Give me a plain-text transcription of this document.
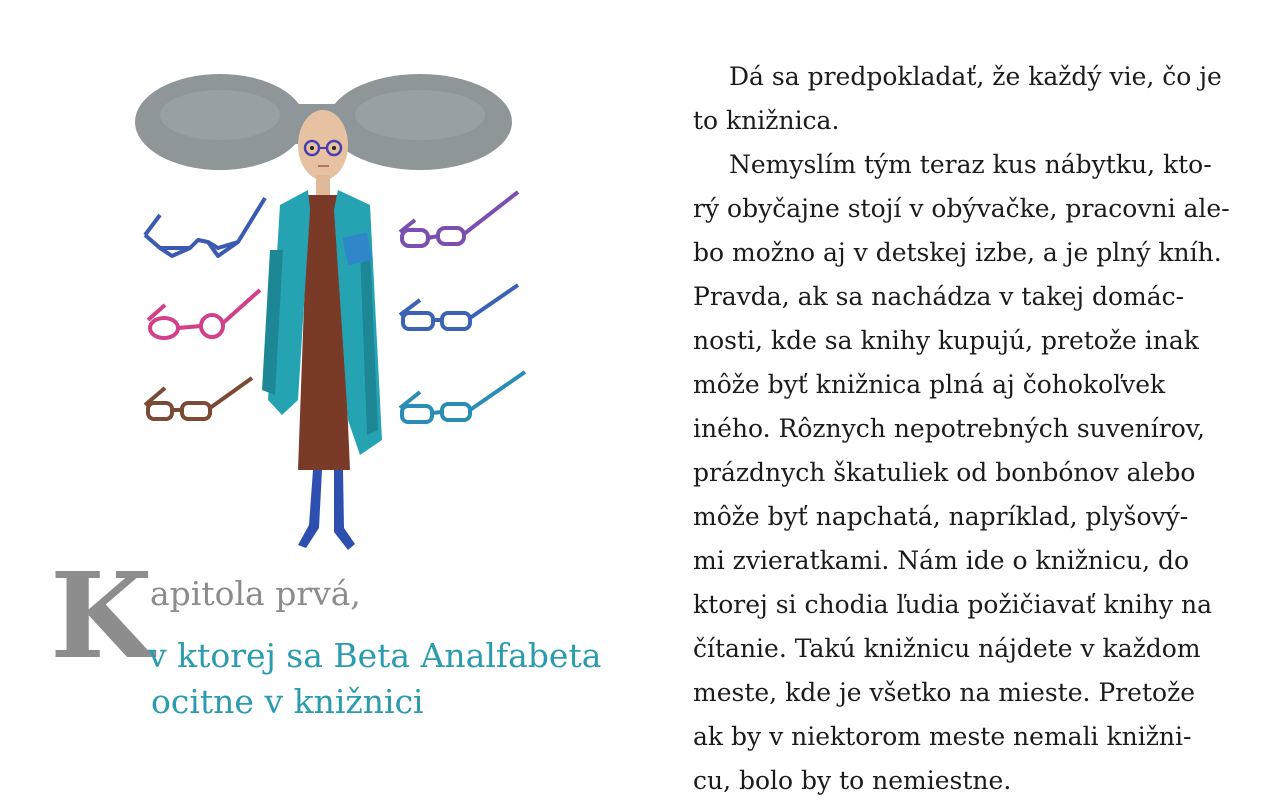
K
apitola prvá,
v ktorej sa Beta Analfabeta
ocitne v knižnici
Dá sa predpokladať, že každý vie, čo je
to knižnica.
Nemyslím tým teraz kus nábytku, kto-
rý obyčajne stojí v obývačke, pracovni ale-
bo možno aj v detskej izbe, a je plný kníh.
Pravda, ak sa nachádza v takej domác-
nosti, kde sa knihy kupujú, pretože inak
môže byť knižnica plná aj čohokoľvek
iného. Rôznych nepotrebných suvenírov,
prázdnych škatuliek od bonbónov alebo
môže byť napchatá, napríklad, plyšový-
mi zvieratkami. Nám ide o knižnicu, do
ktorej si chodia ľudia požičiavať knihy na
čítanie. Takú knižnicu nájdete v každom
meste, kde je všetko na mieste. Pretože
ak by v niektorom meste nemali knižni-
cu, bolo by to nemiestne.
